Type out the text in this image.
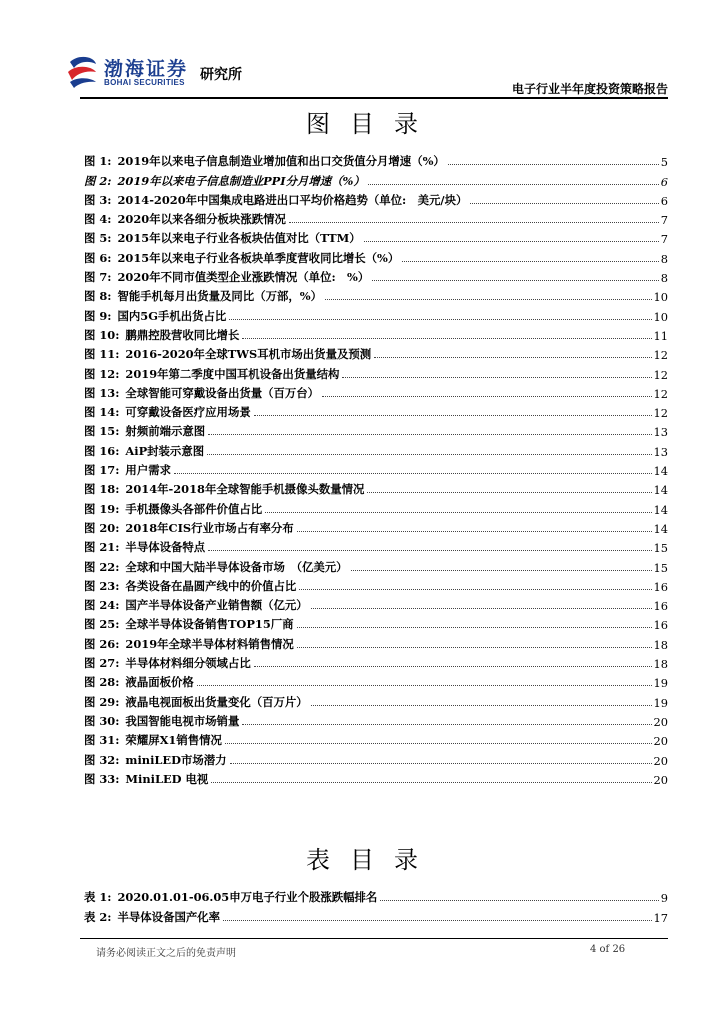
渤海证券
BOHAI SECURITIES 研究所
电子行业半年度投资策略报告
图目录
图 1: 2019年以来电子信息制造业增加值和出口交货值分月增速（%）	5
图 2: 2019年以来电子信息制造业PPI分月增速（%）	6
图 3: 2014-2020年中国集成电路进出口平均价格趋势（单位:　美元/块）	6
图 4: 2020年以来各细分板块涨跌情况	7
图 5: 2015年以来电子行业各板块估值对比（TTM）	7
图 6: 2015年以来电子行业各板块单季度营收同比增长（%）	8
图 7: 2020年不同市值类型企业涨跌情况（单位:　%）	8
图 8: 智能手机每月出货量及同比（万部，%）	10
图 9: 国内5G手机出货占比	10
图 10: 鹏鼎控股营收同比增长	11
图 11: 2016-2020年全球TWS耳机市场出货量及预测	12
图 12: 2019年第二季度中国耳机设备出货量结构	12
图 13: 全球智能可穿戴设备出货量（百万台）	12
图 14: 可穿戴设备医疗应用场景	12
图 15: 射频前端示意图	13
图 16: AiP封装示意图	13
图 17: 用户需求	14
图 18: 2014年-2018年全球智能手机摄像头数量情况	14
图 19: 手机摄像头各部件价值占比	14
图 20: 2018年CIS行业市场占有率分布	14
图 21: 半导体设备特点	15
图 22: 全球和中国大陆半导体设备市场　（亿美元）	15
图 23: 各类设备在晶圆产线中的价值占比	16
图 24: 国产半导体设备产业销售额（亿元）	16
图 25: 全球半导体设备销售TOP15厂商	16
图 26: 2019年全球半导体材料销售情况	18
图 27: 半导体材料细分领域占比	18
图 28: 液晶面板价格	19
图 29: 液晶电视面板出货量变化（百万片）	19
图 30: 我国智能电视市场销量	20
图 31: 荣耀屏X1销售情况	20
图 32: miniLED市场潜力	20
图 33: MiniLED 电视	20
表目录
表 1: 2020.01.01-06.05申万电子行业个股涨跌幅排名	9
表 2: 半导体设备国产化率	17
请务必阅读正文之后的免责声明	4 of 26
